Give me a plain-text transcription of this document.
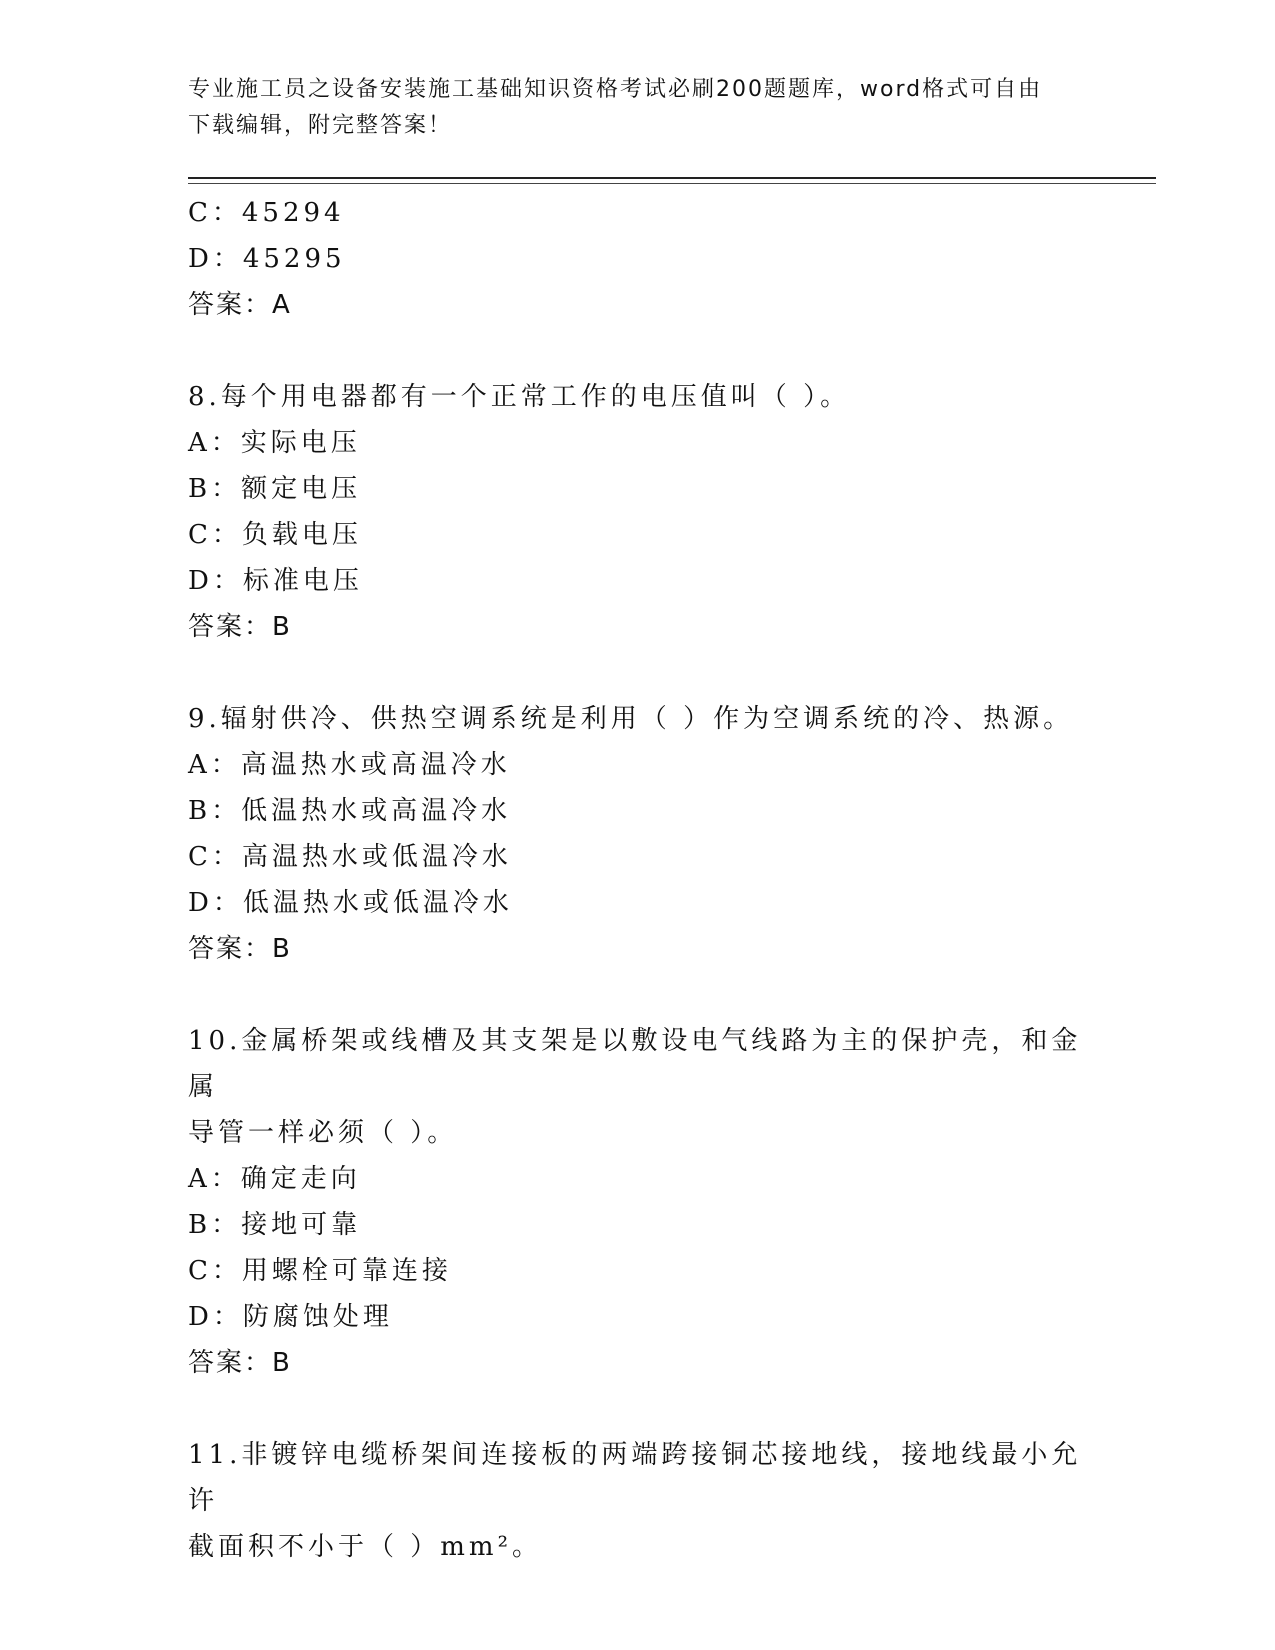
专业施工员之设备安装施工基础知识资格考试必刷200题题库，word格式可自由
下载编辑，附完整答案！
C：45294
D：45295
答案：A
8.每个用电器都有一个正常工作的电压值叫（ ）。
A：实际电压
B：额定电压
C：负载电压
D：标准电压
答案：B
9.辐射供冷、供热空调系统是利用（ ）作为空调系统的冷、热源。
A：高温热水或高温冷水
B：低温热水或高温冷水
C：高温热水或低温冷水
D：低温热水或低温冷水
答案：B
10.金属桥架或线槽及其支架是以敷设电气线路为主的保护壳，和金属
导管一样必须（ ）。
A：确定走向
B：接地可靠
C：用螺栓可靠连接
D：防腐蚀处理
答案：B
11.非镀锌电缆桥架间连接板的两端跨接铜芯接地线，接地线最小允许
截面积不小于（ ）mm²。
